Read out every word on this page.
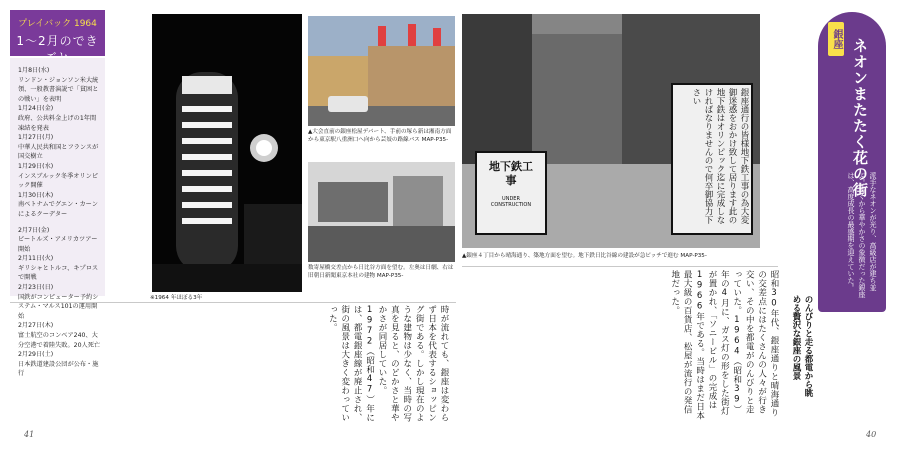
プレイバック 1964
1～2月のでき
1月8日(水)
リンドン・ジョンソン米大統領、一般教書演説で「貧困との戦い」を表明
1月24日(金)
政府、公共料金上げの1年間凍結を発表
1月27日(月)
中華人民共和国とフランスが国交樹立
1月29日(水)
インスブルック冬季オリンピック開催
1月30日(木)
南ベトナムでグエン・カーンによるクーデター
2月7日(金)
ビートルズ・アメリカツアー開始
2月11日(火)
ギリシャとトルコ、キプロスで開戦
2月23日(日)
国鉄がコンピューター予約システム・マルス101の運用開始
2月27日(木)
富士航空のコンベア240、大分空港で着陸失敗。20人死亡
2月29日(土)
日本鉄道建設公団が公布・施行
▲大会直前の銀座松屋デパート、手前の塚ら新は湘南方面から東京駅八重洲口へ向から芸妓の路線バス MAP-P35-
数寄屋橋交差点から日比谷方面を望む。左奥は日劇、右は旧朝日新聞東京本社の建物 MAP-P35-
※1964 年ほぼる3年
地下鉄工事
UNDER CONSTRUCTION	銀座通行の皆様地下鉄工事の為大変御迷惑をおかけ致して居ります此の地下鉄はオリンピック迄に完成しなければなりませんので何卒御協力下さい
▲銀座４丁目から晴海通り、築地方面を望む。地下鉄日比谷線の建設が急ピッチで進む MAP-P35-
銀座 ネオンまたたく花の街
派手なネオンが光り、高級店が建ち並ぶ。古くから華やかさの象徴だった銀座は、高度成長の最盛期を迎えていた。
のんびりと走る都電から眺める贅沢な銀座の風景
昭和30年代、銀座通りと晴海通りの交差点にはたくさんの人々が行き交い、その中を都電がのんびりと走っていた。1964（昭和39）年の4月に、ガス灯の形をした街灯が置かれ、「ソニービル」の完成は1966年である。当時はまだ日本最大級の百貨店、松屋が流行の発信地だった。
時が流れても、銀座は変わらず日本を代表するショッピング街である。しかし現在のような建物は少なく、当時の写真を見ると、のどかさと華やかさが同居していた。1972（昭和47）年には、都電銀座線が廃止され、街の風景は大きく変わっていった。
41	40
